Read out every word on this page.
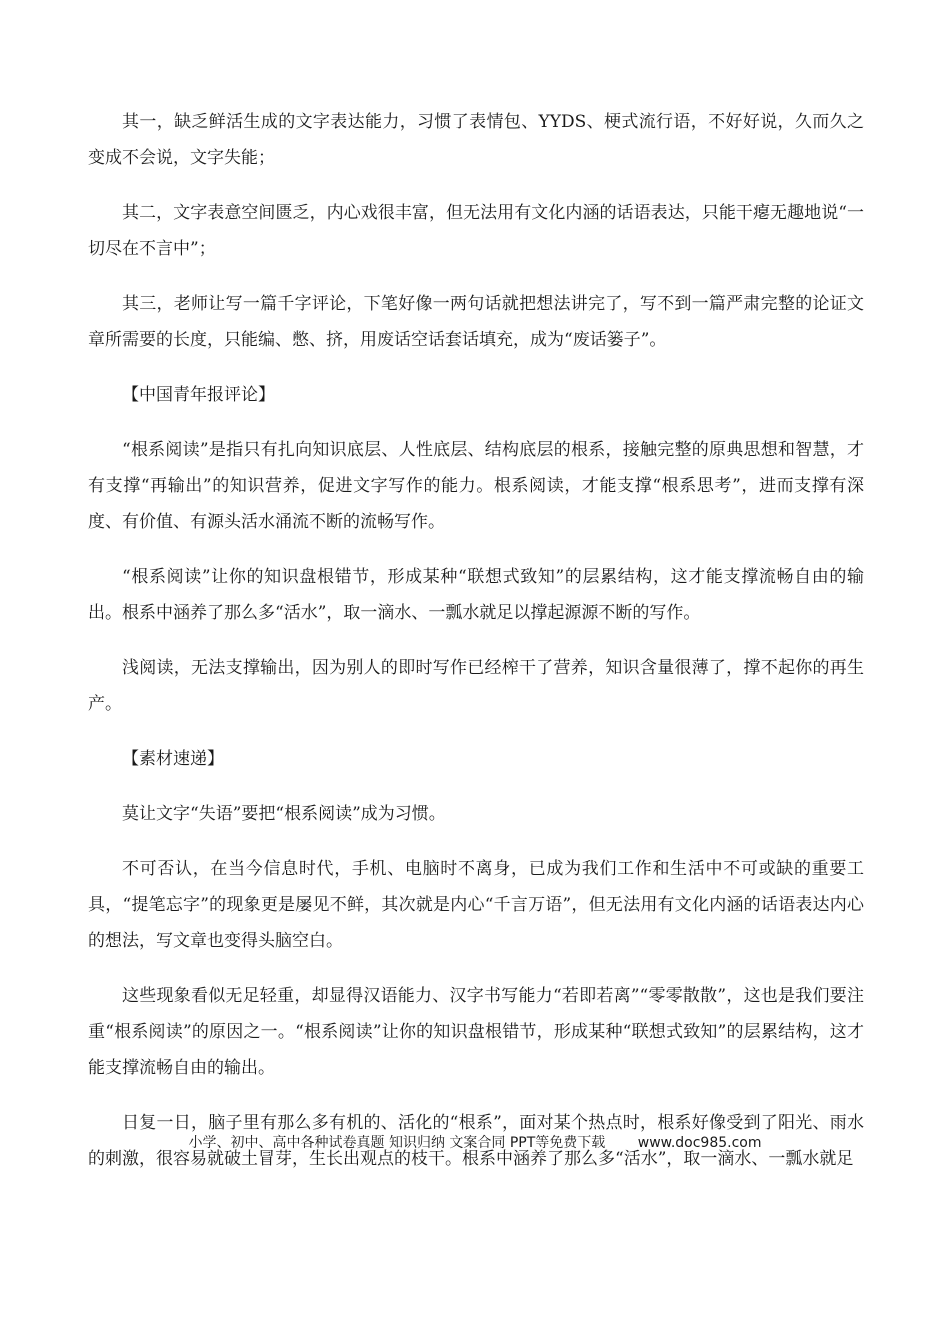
其一，缺乏鲜活生成的文字表达能力，习惯了表情包、YYDS、梗式流行语，不好好说，久而久之变成不会说，文字失能；

其二，文字表意空间匮乏，内心戏很丰富，但无法用有文化内涵的话语表达，只能干瘪无趣地说“一切尽在不言中”；

其三，老师让写一篇千字评论，下笔好像一两句话就把想法讲完了，写不到一篇严肃完整的论证文章所需要的长度，只能编、憋、挤，用废话空话套话填充，成为“废话篓子”。

【中国青年报评论】

“根系阅读”是指只有扎向知识底层、人性底层、结构底层的根系，接触完整的原典思想和智慧，才有支撑“再输出”的知识营养，促进文字写作的能力。根系阅读，才能支撑“根系思考”，进而支撑有深度、有价值、有源头活水涌流不断的流畅写作。

“根系阅读”让你的知识盘根错节，形成某种“联想式致知”的层累结构，这才能支撑流畅自由的输出。根系中涵养了那么多“活水”，取一滴水、一瓢水就足以撑起源源不断的写作。

浅阅读，无法支撑输出，因为别人的即时写作已经榨干了营养，知识含量很薄了，撑不起你的再生产。

【素材速递】

莫让文字“失语”要把“根系阅读”成为习惯。

不可否认，在当今信息时代，手机、电脑时不离身，已成为我们工作和生活中不可或缺的重要工具，“提笔忘字”的现象更是屡见不鲜，其次就是内心“千言万语”，但无法用有文化内涵的话语表达内心的想法，写文章也变得头脑空白。

这些现象看似无足轻重，却显得汉语能力、汉字书写能力“若即若离”“零零散散”，这也是我们要注重“根系阅读”的原因之一。“根系阅读”让你的知识盘根错节，形成某种“联想式致知”的层累结构，这才能支撑流畅自由的输出。

日复一日，脑子里有那么多有机的、活化的“根系”，面对某个热点时，根系好像受到了阳光、雨水的刺激，很容易就破土冒芽，生长出观点的枝干。根系中涵养了那么多“活水”，取一滴水、一瓢水就足

小学、初中、高中各种试卷真题 知识归纳 文案合同 PPT等免费下载 www.doc985.com
